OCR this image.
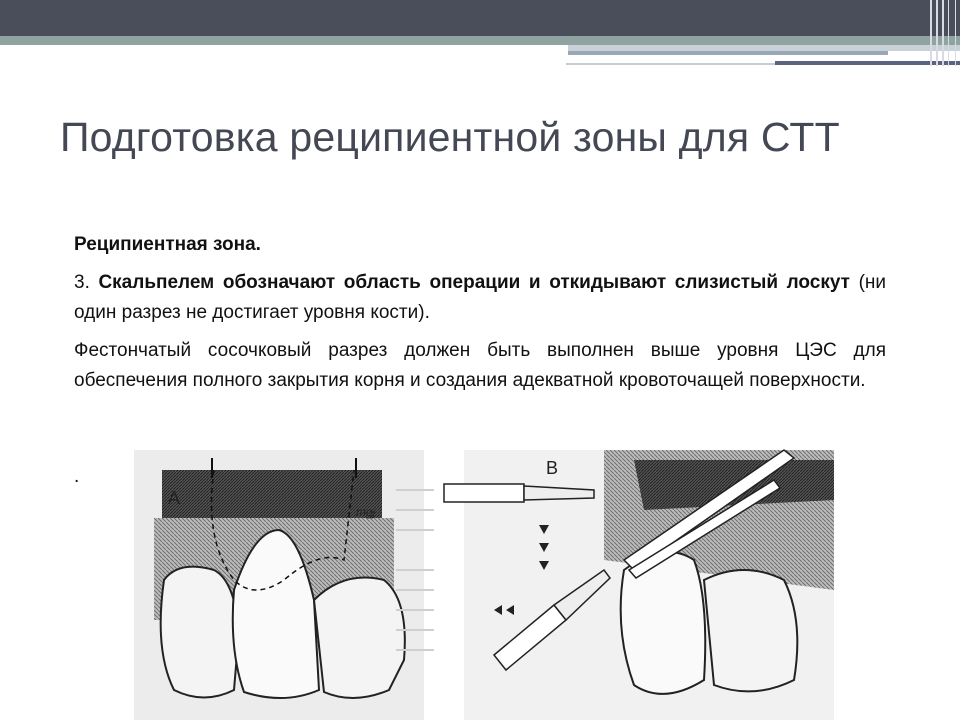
Подготовка реципиентной зоны для СТТ

Реципиентная зона.

3. Скальпелем обозначают область операции и откидывают слизистый лоскут (ни один разрез не достигает уровня кости).

Фестончатый сосочковый разрез должен быть выполнен выше уровня ЦЭС для обеспечения полного закрытия корня и создания адекватной кровоточащей поверхности.

.
A
mgj
B
